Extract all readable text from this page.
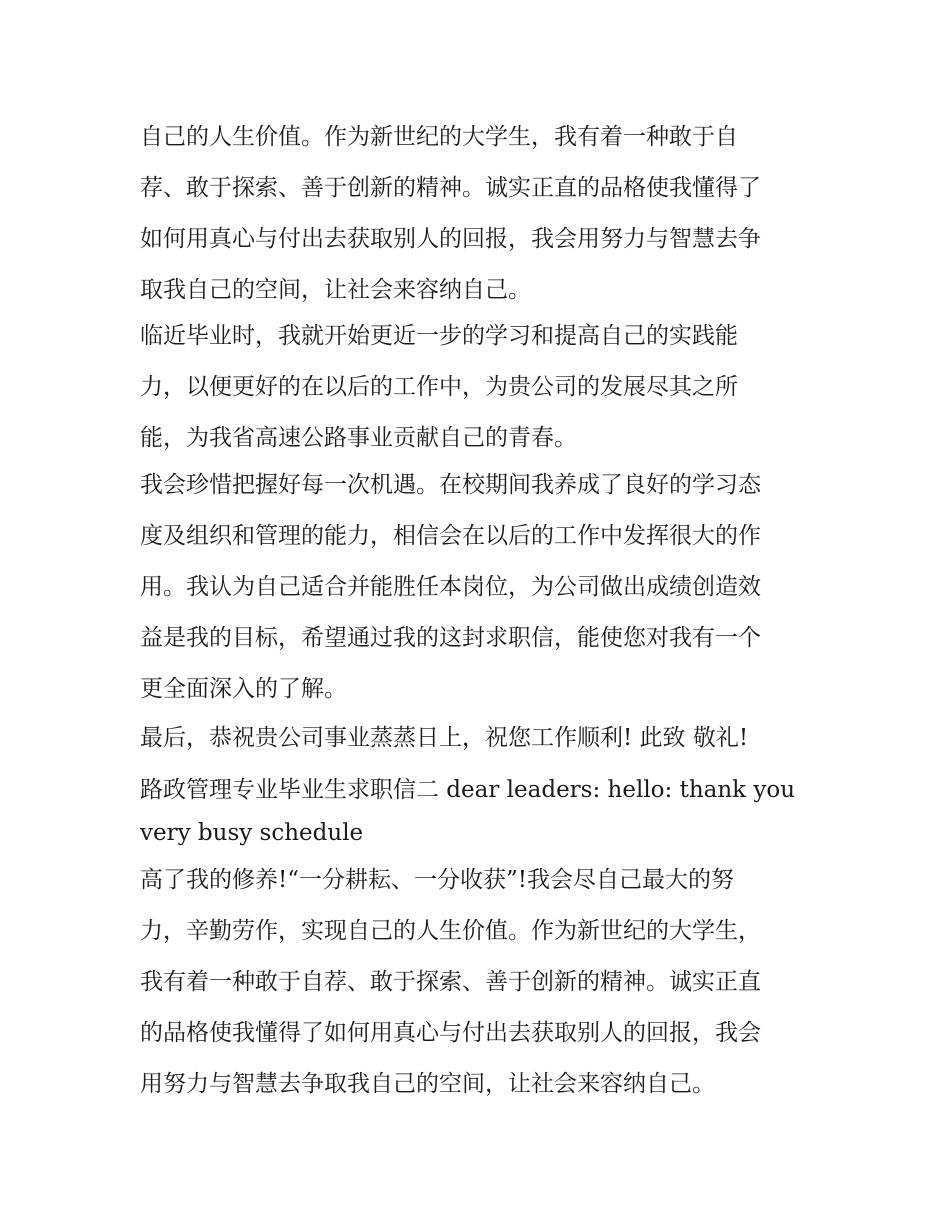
自己的人生价值。作为新世纪的大学生，我有着一种敢于自
荐、敢于探索、善于创新的精神。诚实正直的品格使我懂得了
如何用真心与付出去获取别人的回报，我会用努力与智慧去争
取我自己的空间，让社会来容纳自己。

临近毕业时，我就开始更近一步的学习和提高自己的实践能
力，以便更好的在以后的工作中，为贵公司的发展尽其之所
能，为我省高速公路事业贡献自己的青春。

我会珍惜把握好每一次机遇。在校期间我养成了良好的学习态
度及组织和管理的能力，相信会在以后的工作中发挥很大的作
用。我认为自己适合并能胜任本岗位，为公司做出成绩创造效
益是我的目标，希望通过我的这封求职信，能使您对我有一个
更全面深入的了解。

最后，恭祝贵公司事业蒸蒸日上，祝您工作顺利! 此致 敬礼!

路政管理专业毕业生求职信二 dear leaders: hello: thank you
very busy schedule

高了我的修养!“一分耕耘、一分收获”!我会尽自己最大的努
力，辛勤劳作，实现自己的人生价值。作为新世纪的大学生，
我有着一种敢于自荐、敢于探索、善于创新的精神。诚实正直
的品格使我懂得了如何用真心与付出去获取别人的回报，我会
用努力与智慧去争取我自己的空间，让社会来容纳自己。
